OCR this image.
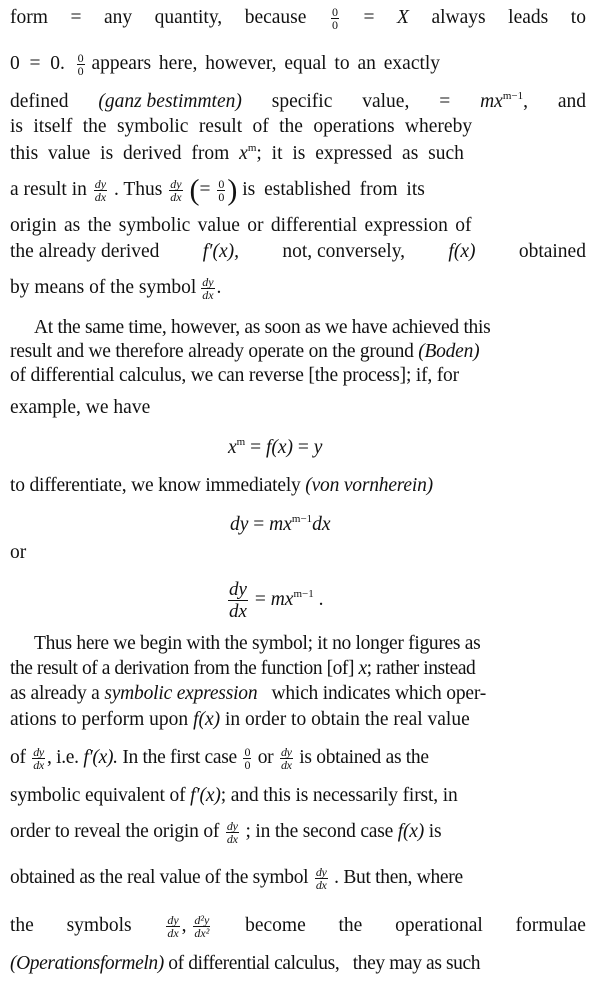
form = any quantity, because $\frac{0}{0} = X$ always leads to
0 = 0. $\frac{0}{0}$ appears here, however, equal to an exactly
defined (ganz bestimmten) specific value, = $mx^{m-1}$, and
is itself the symbolic result of the operations whereby
this value is derived from $x^m$; it is expressed as such
a result in $\frac{dy}{dx}$ . Thus $\frac{dy}{dx}$ (= $\frac{0}{0}$ ) is established from its
origin as the symbolic value or differential expression of
the already derived f′(x), not, conversely, f(x) obtained
by means of the symbol $\frac{dy}{dx}$ .
At the same time, however, as soon as we have achieved this
result and we therefore already operate on the ground (Boden)
of differential calculus, we can reverse [the process]; if, for
example, we have
$x^m = f(x) = y$
to differentiate, we know immediately (von vornherein)
dy = $mx^{m-1}dx$
or
$\frac{dy}{dx} = mx^{m-1}$ .
Thus here we begin with the symbol; it no longer figures as
the result of a derivation from the function [of] x; rather instead
as already a symbolic expression which indicates which oper-
ations to perform upon f(x) in order to obtain the real value
of $\frac{dy}{dx}$ , i.e. f′(x). In the first case $\frac{0}{0}$ or $\frac{dy}{dx}$ is obtained as the
symbolic equivalent of f′(x); and this is necessarily first, in
order to reveal the origin of $\frac{dy}{dx}$ ; in the second case f(x) is
obtained as the real value of the symbol $\frac{dy}{dx}$ . But then, where
the symbols	$\frac{dy}{dx}$ , $\frac{\text{d²y}}{\text{dx²}}$ become the operational formulae
(Operationsformeln) of differential calculus, they may as such
